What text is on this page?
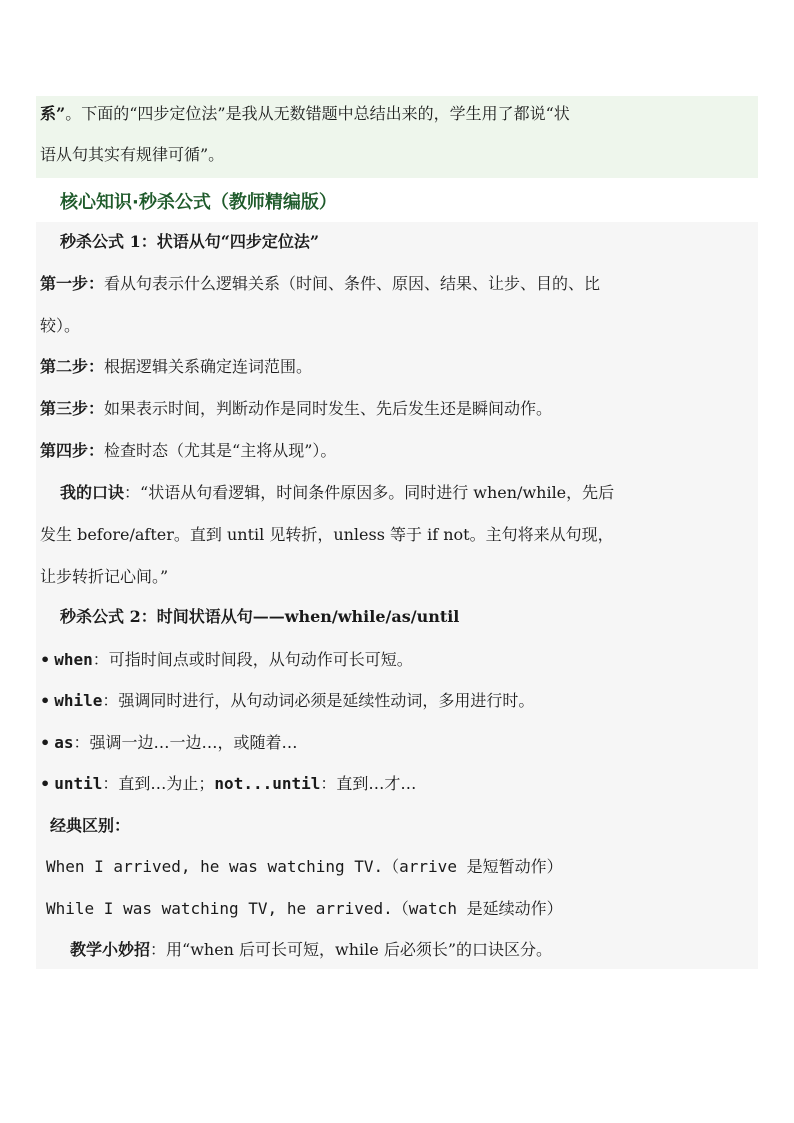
系”。下面的“四步定位法”是我从无数错题中总结出来的，学生用了都说“状
语从句其实有规律可循”。
核心知识·秒杀公式（教师精编版）
秒杀公式 1：状语从句“四步定位法”
第一步：看从句表示什么逻辑关系（时间、条件、原因、结果、让步、目的、比
较）。
第二步：根据逻辑关系确定连词范围。
第三步：如果表示时间，判断动作是同时发生、先后发生还是瞬间动作。
第四步：检查时态（尤其是“主将从现”）。
我的口诀：“状语从句看逻辑，时间条件原因多。同时进行 when/while，先后
发生 before/after。直到 until 见转折，unless 等于 if not。主句将来从句现，
让步转折记心间。”
秒杀公式 2：时间状语从句——when/while/as/until
• when：可指时间点或时间段，从句动作可长可短。
• while：强调同时进行，从句动词必须是延续性动词，多用进行时。
• as：强调一边…一边…，或随着…
• until：直到…为止；not...until：直到…才…
经典区别：
When I arrived, he was watching TV.（arrive 是短暂动作）
While I was watching TV, he arrived.（watch 是延续动作）
教学小妙招：用“when 后可长可短，while 后必须长”的口诀区分。
